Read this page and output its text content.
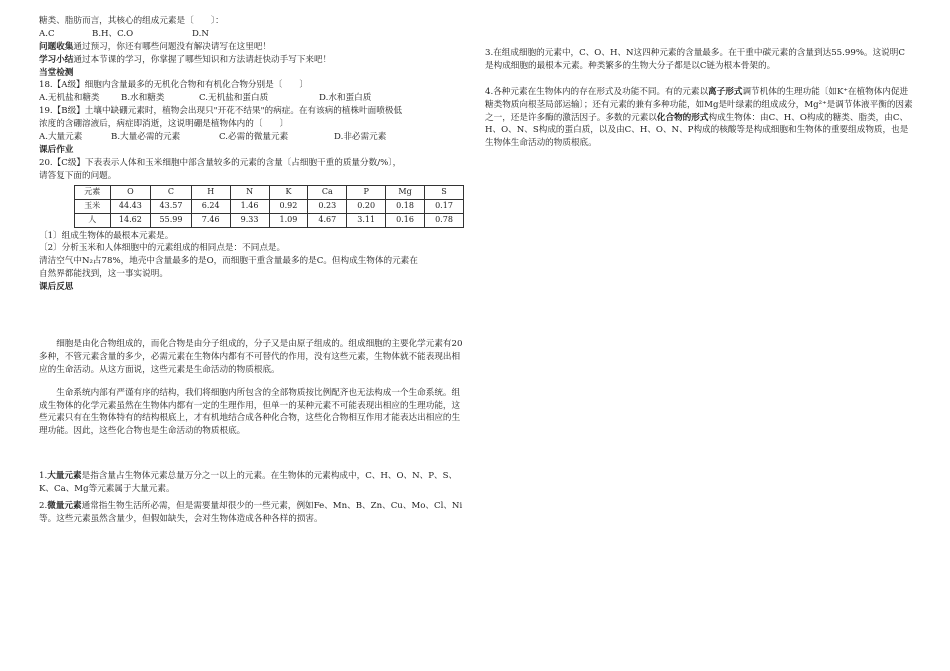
糖类、脂肪而言，其核心的组成元素是〔　　〕：
A.C	B.H、C.O	D.N
问题收集通过预习，你还有哪些问题没有解决请写在这里吧！
学习小结通过本节课的学习，你掌握了哪些知识和方法请赶快动手写下来吧！
当堂检测
18.【A级】细胞内含量最多的无机化合物和有机化合物分别是〔　　〕
A.无机盐和糖类 B.水和糖类	C.无机盐和蛋白质	D.水和蛋白质
19.【B级】土壤中缺硼元素时，植物会出现只"开花不结果"的病症。在有该病的植株叶面喷极低
浓度的含硼溶液后，病症即消逝，这说明硼是植物体内的〔　　〕
A.大量元素	B.大量必需的元素	C.必需的微量元素	D.非必需元素
课后作业
20.【C级】下表表示人体和玉米细胞中部含量较多的元素的含量〔占细胞干重的质量分数/%〕，
请答复下面的问题。
元素	O	C	H	N	K	Ca	P	Mg	S
玉米	44.43	43.57	6.24	1.46	0.92	0.23	0.20	0.18	0.17
人	14.62	55.99	7.46	9.33	1.09	4.67	3.11	0.16	0.78
〔1〕组成生物体的最根本元素是。
〔2〕分析玉米和人体细胞中的元素组成的相同点是：不同点是。
清洁空气中N₂占78%，地壳中含量最多的是O，而细胞干重含量最多的是C。但构成生物体的元素在
自然界都能找到，这一事实说明。
课后反思

细胞是由化合物组成的，而化合物是由分子组成的，分子又是由原子组成的。组成细胞的主要化学元素有20多种，不管元素含量的多少，必需元素在生物体内都有不可替代的作用，没有这些元素，生物体就不能表现出相应的生命活动。从这方面说，这些元素是生命活动的物质根底。

生命系统内部有严谨有序的结构，我们将细胞内所包含的全部物质按比例配齐也无法构成一个生命系统。组成生物体的化学元素虽然在生物体内都有一定的生理作用，但单一的某种元素不可能表现出相应的生理功能，这些元素只有在生物体特有的结构根底上，才有机地结合成各种化合物，这些化合物相互作用才能表达出相应的生理功能。因此，这些化合物也是生命活动的物质根底。

1.大量元素是指含量占生物体元素总量万分之一以上的元素。在生物体的元素构成中，C、H、O、N、P、S、K、Ca、Mg等元素属于大量元素。

2.微量元素通常指生物生活所必需，但是需要量却很少的一些元素，例如Fe、Mn、B、Zn、Cu、Mo、Cl、Ni等。这些元素虽然含量少，但假如缺失，会对生物体造成各种各样的损害。

3.在组成细胞的元素中，C、O、H、N这四种元素的含量最多。在干重中碳元素的含量到达55.99%。这说明C是构成细胞的最根本元素。种类繁多的生物大分子都是以C链为根本骨架的。

4.各种元素在生物体内的存在形式及功能不同。有的元素以离子形式调节机体的生理功能〔如K⁺在植物体内促进糖类物质向根茎局部运输〕；还有元素的兼有多种功能，如Mg是叶绿素的组成成分，Mg²⁺是调节体液平衡的因素之一，还是许多酶的激活因子。多数的元素以化合物的形式构成生物体：由C、H、O构成的糖类、脂类，由C、H、O、N、S构成的蛋白质，以及由C、H、O、N、P构成的核酸等是构成细胞和生物体的重要组成物质，也是生物体生命活动的物质根底。
